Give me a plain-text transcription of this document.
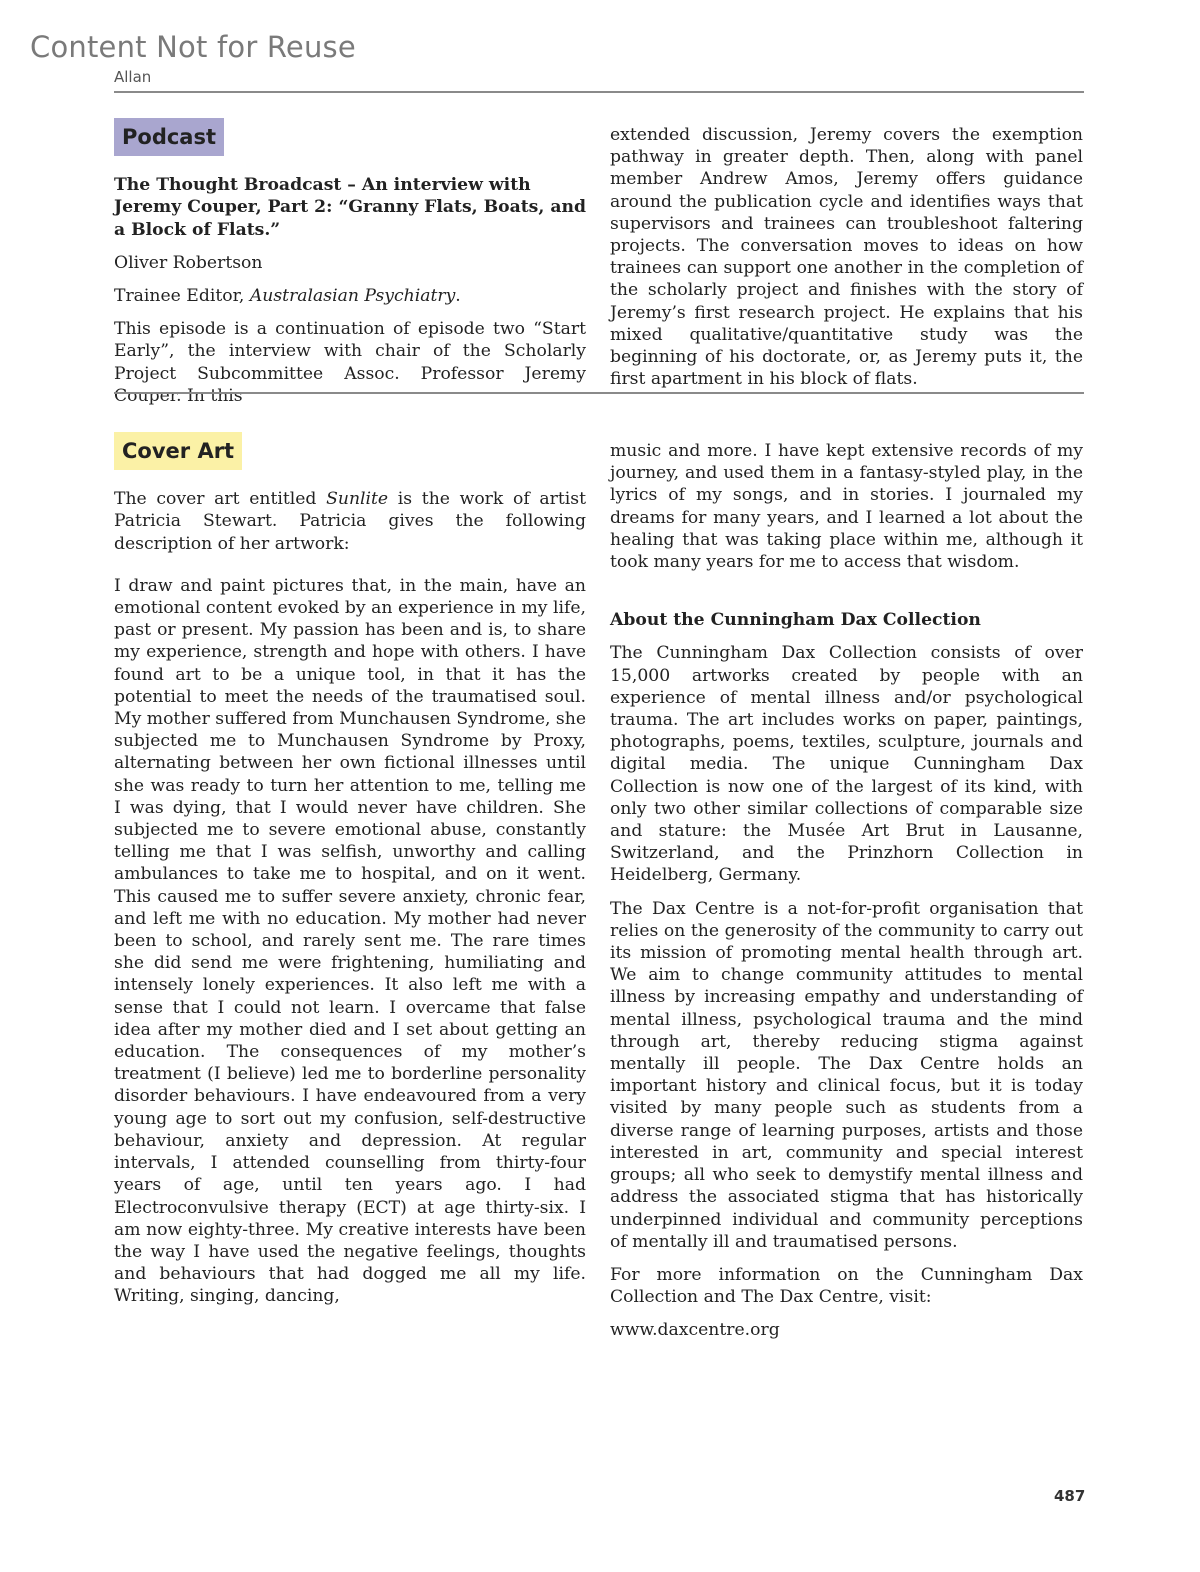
Content Not for Reuse
Allan
Podcast

The Thought Broadcast – An interview with Jeremy Couper, Part 2: “Granny Flats, Boats, and a Block of Flats.”

Oliver Robertson

Trainee Editor, Australasian Psychiatry.

This episode is a continuation of episode two “Start Early”, the interview with chair of the Scholarly Project Subcommittee Assoc. Professor Jeremy Couper. In this

extended discussion, Jeremy covers the exemption pathway in greater depth. Then, along with panel member Andrew Amos, Jeremy offers guidance around the publication cycle and identifies ways that supervisors and trainees can troubleshoot faltering projects. The conversation moves to ideas on how trainees can support one another in the completion of the scholarly project and finishes with the story of Jeremy’s first research project. He explains that his mixed qualitative/quantitative study was the beginning of his doctorate, or, as Jeremy puts it, the first apartment in his block of flats.

Cover Art

The cover art entitled Sunlite is the work of artist Patricia Stewart. Patricia gives the following description of her artwork:

I draw and paint pictures that, in the main, have an emotional content evoked by an experience in my life, past or present. My passion has been and is, to share my experience, strength and hope with others. I have found art to be a unique tool, in that it has the potential to meet the needs of the traumatised soul. My mother suffered from Munchausen Syndrome, she subjected me to Munchausen Syndrome by Proxy, alternating between her own fictional illnesses until she was ready to turn her attention to me, telling me I was dying, that I would never have children. She subjected me to severe emotional abuse, constantly telling me that I was selfish, unworthy and calling ambulances to take me to hospital, and on it went. This caused me to suffer severe anxiety, chronic fear, and left me with no education. My mother had never been to school, and rarely sent me. The rare times she did send me were frightening, humiliating and intensely lonely experiences. It also left me with a sense that I could not learn. I overcame that false idea after my mother died and I set about getting an education. The consequences of my mother’s treatment (I believe) led me to borderline personality disorder behaviours. I have endeavoured from a very young age to sort out my confusion, self-destructive behaviour, anxiety and depression. At regular intervals, I attended counselling from thirty-four years of age, until ten years ago. I had Electroconvulsive therapy (ECT) at age thirty-six. I am now eighty-three. My creative interests have been the way I have used the negative feelings, thoughts and behaviours that had dogged me all my life. Writing, singing, dancing,

music and more. I have kept extensive records of my journey, and used them in a fantasy-styled play, in the lyrics of my songs, and in stories. I journaled my dreams for many years, and I learned a lot about the healing that was taking place within me, although it took many years for me to access that wisdom.

About the Cunningham Dax Collection

The Cunningham Dax Collection consists of over 15,000 artworks created by people with an experience of mental illness and/or psychological trauma. The art includes works on paper, paintings, photographs, poems, textiles, sculpture, journals and digital media. The unique Cunningham Dax Collection is now one of the largest of its kind, with only two other similar collections of comparable size and stature: the Musée Art Brut in Lausanne, Switzerland, and the Prinzhorn Collection in Heidelberg, Germany.

The Dax Centre is a not-for-profit organisation that relies on the generosity of the community to carry out its mission of promoting mental health through art. We aim to change community attitudes to mental illness by increasing empathy and understanding of mental illness, psychological trauma and the mind through art, thereby reducing stigma against mentally ill people. The Dax Centre holds an important history and clinical focus, but it is today visited by many people such as students from a diverse range of learning purposes, artists and those interested in art, community and special interest groups; all who seek to demystify mental illness and address the associated stigma that has historically underpinned individual and community perceptions of mentally ill and traumatised persons.

For more information on the Cunningham Dax Collection and The Dax Centre, visit:

www.daxcentre.org

487
